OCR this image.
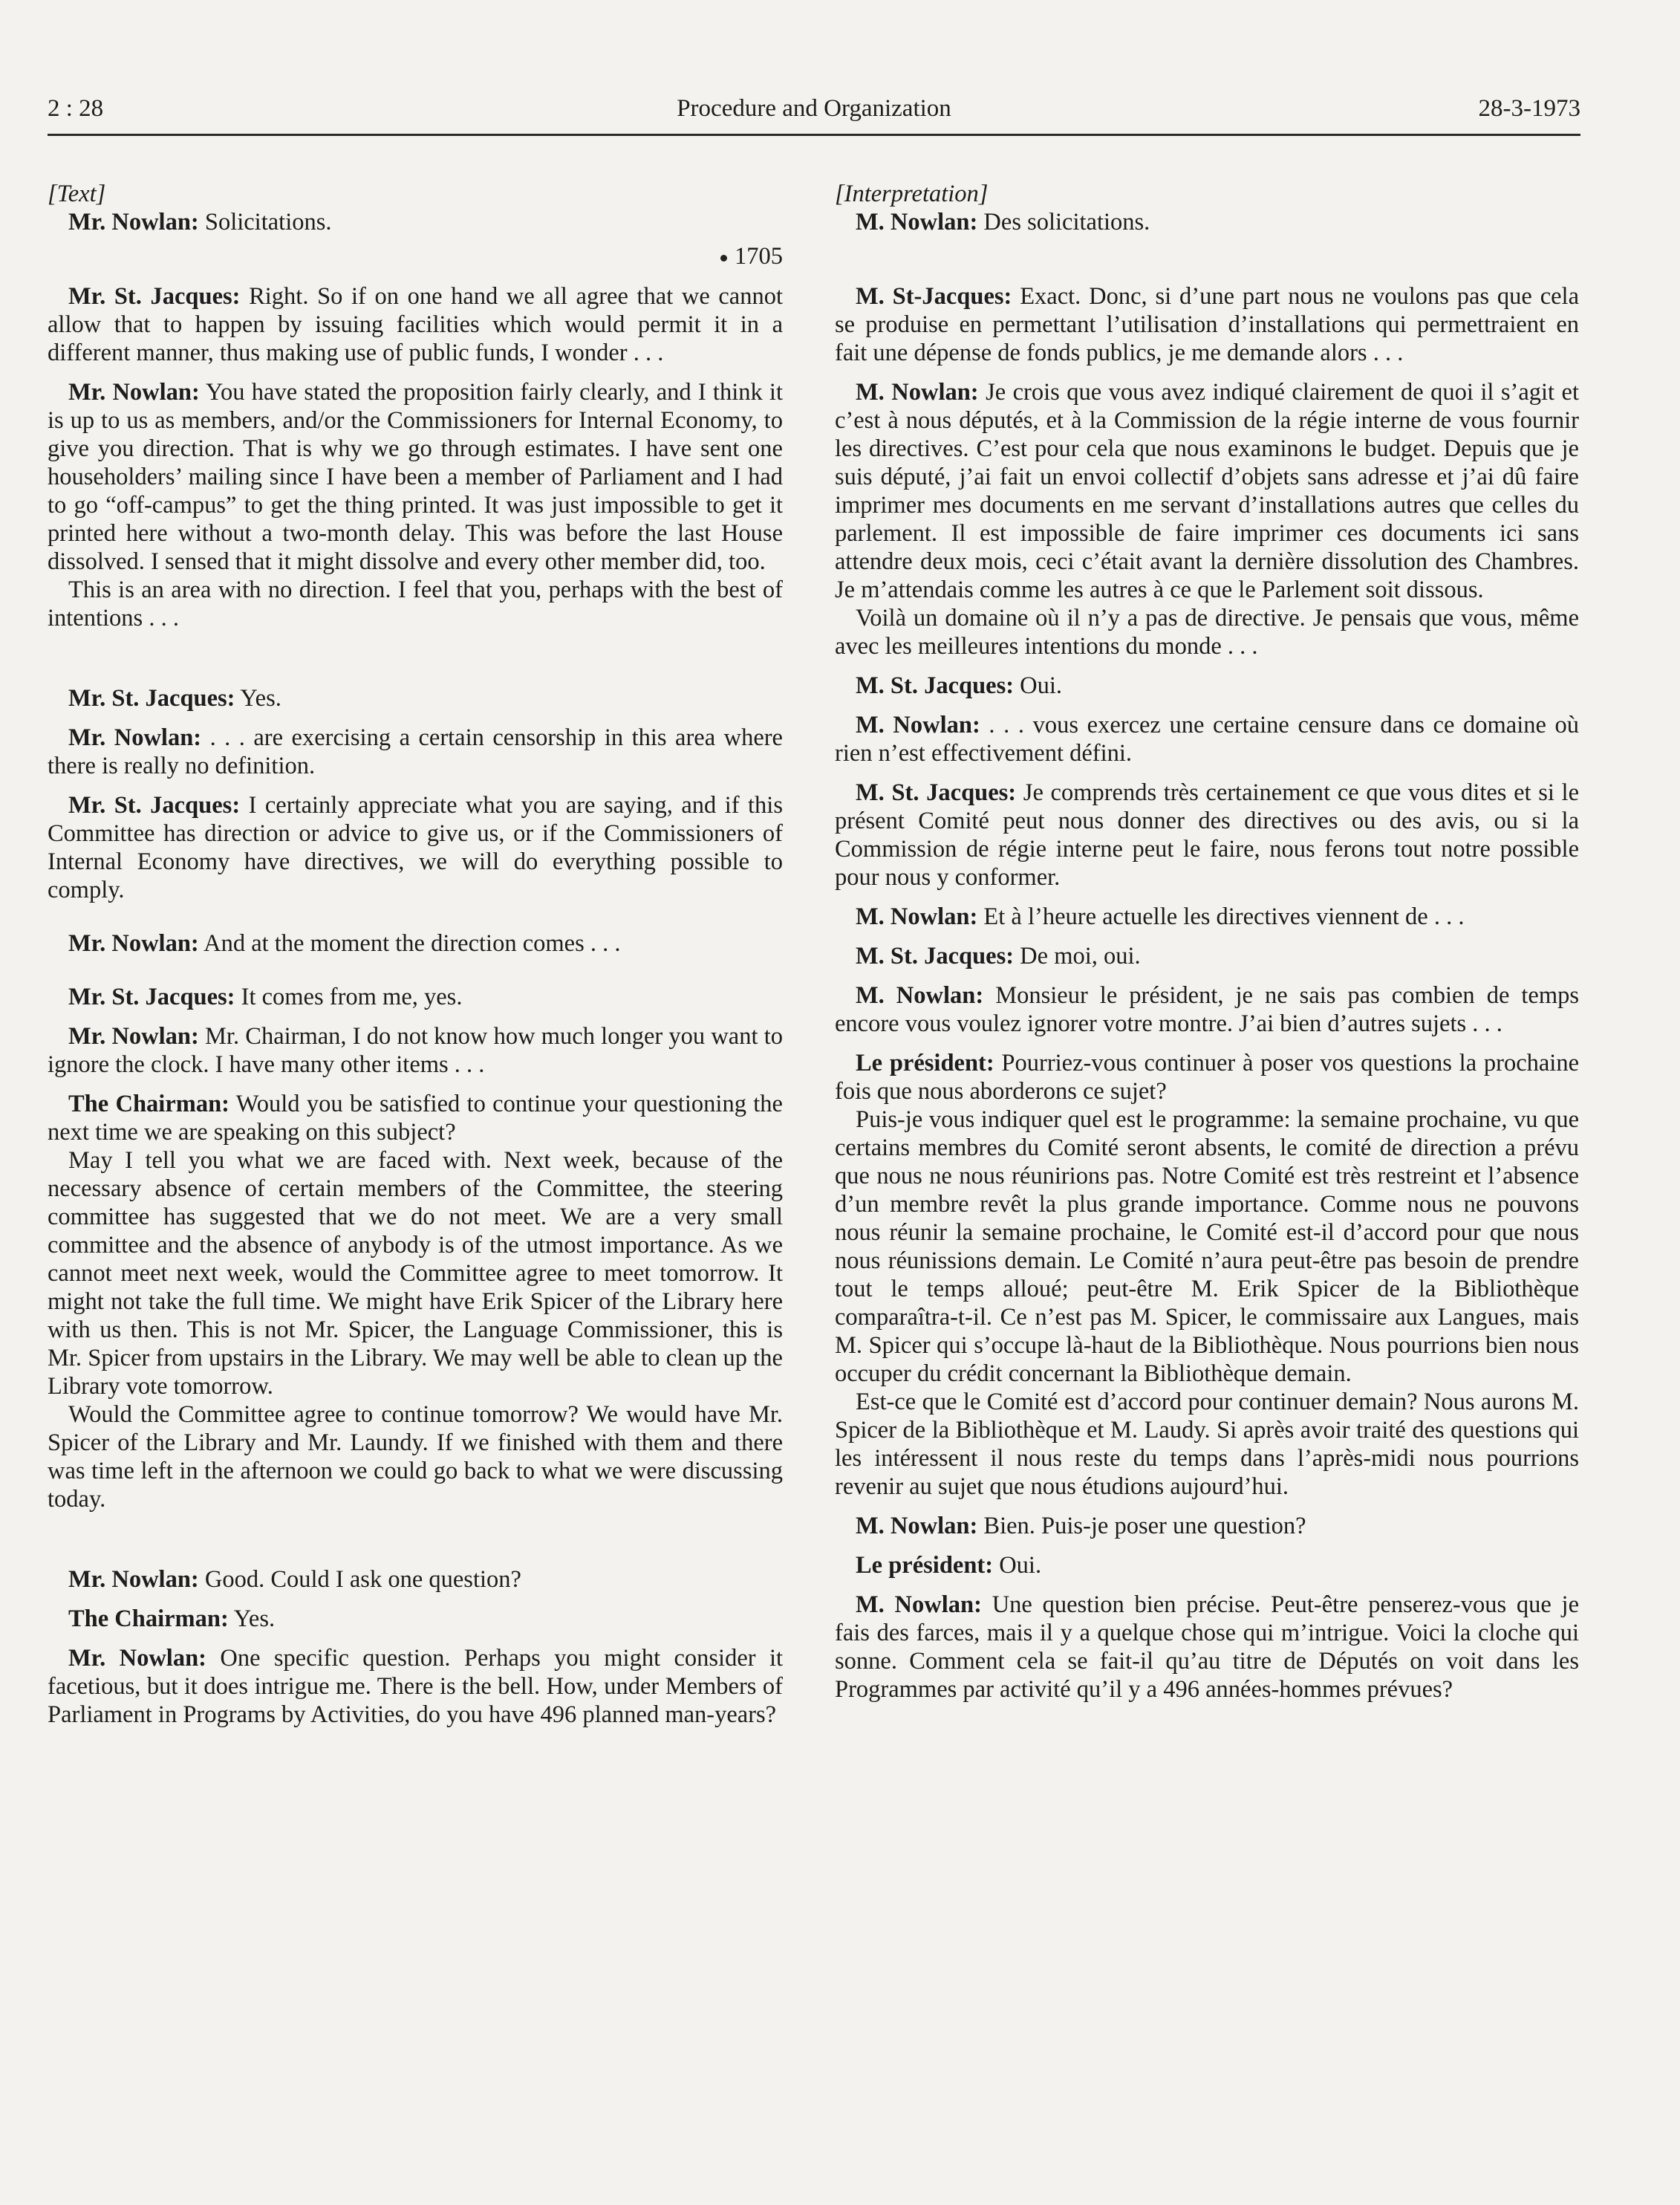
2 : 28	Procedure and Organization	28-3-1973

[Text]

Mr. Nowlan: Solicitations.

1705

Mr. St. Jacques: Right. So if on one hand we all agree that we cannot allow that to happen by issuing facilities which would permit it in a different manner, thus making use of public funds, I wonder . . .

Mr. Nowlan: You have stated the proposition fairly clearly, and I think it is up to us as members, and/or the Commissioners for Internal Economy, to give you direction. That is why we go through estimates. I have sent one householders’ mailing since I have been a member of Parliament and I had to go “off-campus” to get the thing printed. It was just impossible to get it printed here without a two-month delay. This was before the last House dissolved. I sensed that it might dissolve and every other member did, too.

This is an area with no direction. I feel that you, perhaps with the best of intentions . . .

Mr. St. Jacques: Yes.

Mr. Nowlan: . . . are exercising a certain censorship in this area where there is really no definition.

Mr. St. Jacques: I certainly appreciate what you are saying, and if this Committee has direction or advice to give us, or if the Commissioners of Internal Economy have directives, we will do everything possible to comply.

Mr. Nowlan: And at the moment the direction comes . . .

Mr. St. Jacques: It comes from me, yes.

Mr. Nowlan: Mr. Chairman, I do not know how much longer you want to ignore the clock. I have many other items . . .

The Chairman: Would you be satisfied to continue your questioning the next time we are speaking on this subject?

May I tell you what we are faced with. Next week, because of the necessary absence of certain members of the Committee, the steering committee has suggested that we do not meet. We are a very small committee and the absence of anybody is of the utmost importance. As we cannot meet next week, would the Committee agree to meet tomorrow. It might not take the full time. We might have Erik Spicer of the Library here with us then. This is not Mr. Spicer, the Language Commissioner, this is Mr. Spicer from upstairs in the Library. We may well be able to clean up the Library vote tomorrow.

Would the Committee agree to continue tomorrow? We would have Mr. Spicer of the Library and Mr. Laundy. If we finished with them and there was time left in the afternoon we could go back to what we were discussing today.

Mr. Nowlan: Good. Could I ask one question?

The Chairman: Yes.

Mr. Nowlan: One specific question. Perhaps you might consider it facetious, but it does intrigue me. There is the bell. How, under Members of Parliament in Programs by Activities, do you have 496 planned man-years?

[Interpretation]

M. Nowlan: Des solicitations.

M. St-Jacques: Exact. Donc, si d’une part nous ne voulons pas que cela se produise en permettant l’utilisation d’installations qui permettraient en fait une dépense de fonds publics, je me demande alors . . .

M. Nowlan: Je crois que vous avez indiqué clairement de quoi il s’agit et c’est à nous députés, et à la Commission de la régie interne de vous fournir les directives. C’est pour cela que nous examinons le budget. Depuis que je suis député, j’ai fait un envoi collectif d’objets sans adresse et j’ai dû faire imprimer mes documents en me servant d’installations autres que celles du parlement. Il est impossible de faire imprimer ces documents ici sans attendre deux mois, ceci c’était avant la dernière dissolution des Chambres. Je m’attendais comme les autres à ce que le Parlement soit dissous.

Voilà un domaine où il n’y a pas de directive. Je pensais que vous, même avec les meilleures intentions du monde . . .

M. St. Jacques: Oui.

M. Nowlan: . . . vous exercez une certaine censure dans ce domaine où rien n’est effectivement défini.

M. St. Jacques: Je comprends très certainement ce que vous dites et si le présent Comité peut nous donner des directives ou des avis, ou si la Commission de régie interne peut le faire, nous ferons tout notre possible pour nous y conformer.

M. Nowlan: Et à l’heure actuelle les directives viennent de . . .

M. St. Jacques: De moi, oui.

M. Nowlan: Monsieur le président, je ne sais pas combien de temps encore vous voulez ignorer votre montre. J’ai bien d’autres sujets . . .

Le président: Pourriez-vous continuer à poser vos questions la prochaine fois que nous aborderons ce sujet?

Puis-je vous indiquer quel est le programme: la semaine prochaine, vu que certains membres du Comité seront absents, le comité de direction a prévu que nous ne nous réunirions pas. Notre Comité est très restreint et l’absence d’un membre revêt la plus grande importance. Comme nous ne pouvons nous réunir la semaine prochaine, le Comité est-il d’accord pour que nous nous réunissions demain. Le Comité n’aura peut-être pas besoin de prendre tout le temps alloué; peut-être M. Erik Spicer de la Bibliothèque comparaîtra-t-il. Ce n’est pas M. Spicer, le commissaire aux Langues, mais M. Spicer qui s’occupe là-haut de la Bibliothèque. Nous pourrions bien nous occuper du crédit concernant la Bibliothèque demain.

Est-ce que le Comité est d’accord pour continuer demain? Nous aurons M. Spicer de la Bibliothèque et M. Laudy. Si après avoir traité des questions qui les intéressent il nous reste du temps dans l’après-midi nous pourrions revenir au sujet que nous étudions aujourd’hui.

M. Nowlan: Bien. Puis-je poser une question?

Le président: Oui.

M. Nowlan: Une question bien précise. Peut-être penserez-vous que je fais des farces, mais il y a quelque chose qui m’intrigue. Voici la cloche qui sonne. Comment cela se fait-il qu’au titre de Députés on voit dans les Programmes par activité qu’il y a 496 années-hommes prévues?
